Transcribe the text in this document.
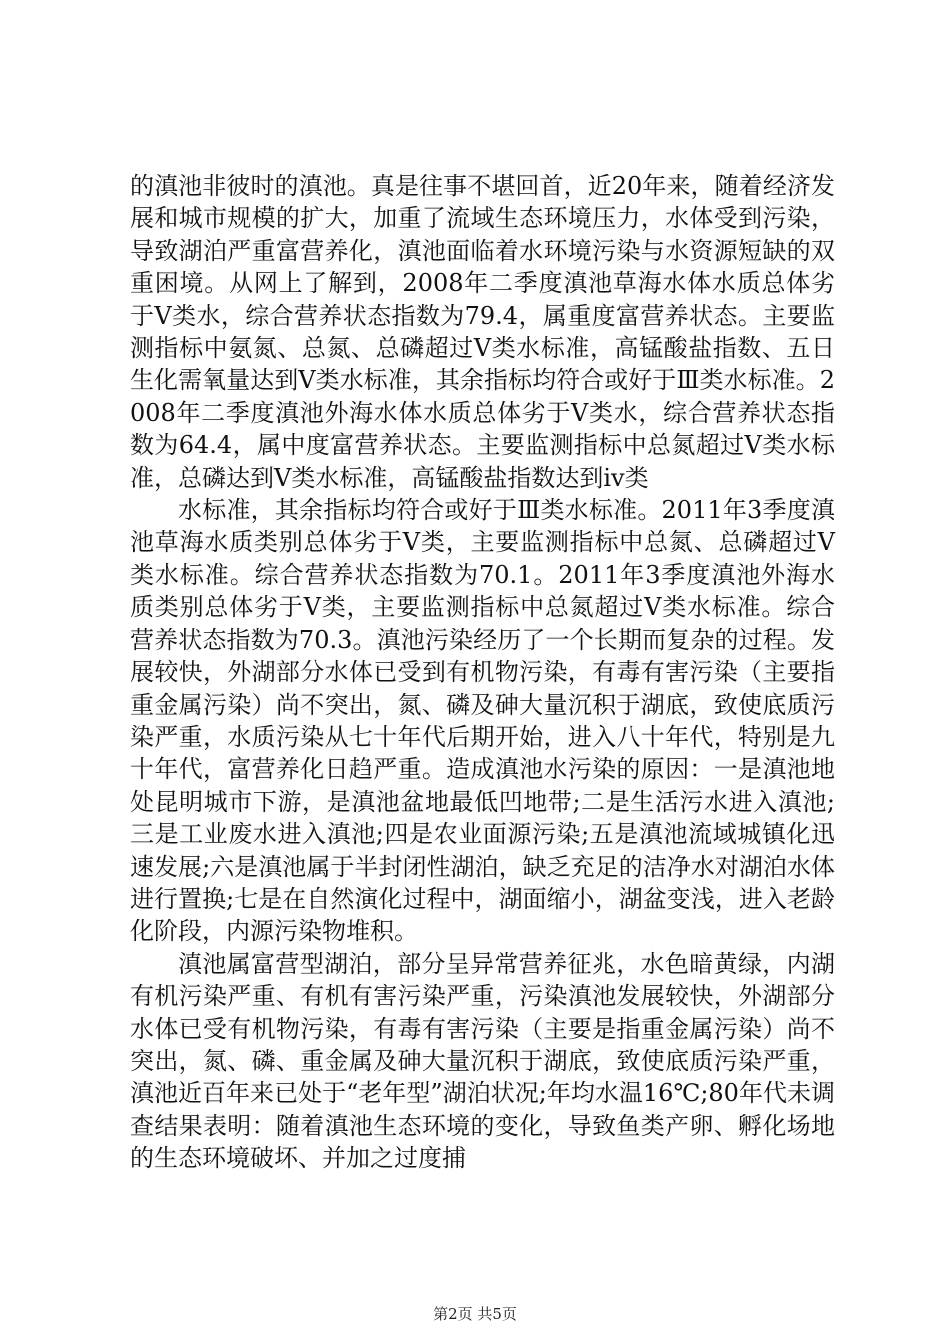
的滇池非彼时的滇池。真是往事不堪回首，近20年来，随着经济发展和城市规模的扩大，加重了流域生态环境压力，水体受到污染，导致湖泊严重富营养化，滇池面临着水环境污染与水资源短缺的双重困境。从网上了解到，2008年二季度滇池草海水体水质总体劣于Ⅴ类水，综合营养状态指数为79.4，属重度富营养状态。主要监测指标中氨氮、总氮、总磷超过Ⅴ类水标准，高锰酸盐指数、五日生化需氧量达到Ⅴ类水标准，其余指标均符合或好于Ⅲ类水标准。2008年二季度滇池外海水体水质总体劣于Ⅴ类水，综合营养状态指数为64.4，属中度富营养状态。主要监测指标中总氮超过Ⅴ类水标准，总磷达到Ⅴ类水标准，高锰酸盐指数达到iv类

水标准，其余指标均符合或好于Ⅲ类水标准。2011年3季度滇池草海水质类别总体劣于Ⅴ类，主要监测指标中总氮、总磷超过Ⅴ类水标准。综合营养状态指数为70.1。2011年3季度滇池外海水质类别总体劣于Ⅴ类，主要监测指标中总氮超过Ⅴ类水标准。综合营养状态指数为70.3。滇池污染经历了一个长期而复杂的过程。发展较快，外湖部分水体已受到有机物污染，有毒有害污染（主要指重金属污染）尚不突出，氮、磷及砷大量沉积于湖底，致使底质污染严重，水质污染从七十年代后期开始，进入八十年代，特别是九十年代，富营养化日趋严重。造成滇池水污染的原因：一是滇池地处昆明城市下游，是滇池盆地最低凹地带;二是生活污水进入滇池;三是工业废水进入滇池;四是农业面源污染;五是滇池流域城镇化迅速发展;六是滇池属于半封闭性湖泊，缺乏充足的洁净水对湖泊水体进行置换;七是在自然演化过程中，湖面缩小，湖盆变浅，进入老龄化阶段，内源污染物堆积。

滇池属富营型湖泊，部分呈异常营养征兆，水色暗黄绿，内湖有机污染严重、有机有害污染严重，污染滇池发展较快，外湖部分水体已受有机物污染，有毒有害污染（主要是指重金属污染）尚不突出，氮、磷、重金属及砷大量沉积于湖底，致使底质污染严重，滇池近百年来已处于“老年型”湖泊状况;年均水温16℃;80年代未调查结果表明：随着滇池生态环境的变化，导致鱼类产卵、孵化场地的生态环境破坏、并加之过度捕

第2页 共5页
